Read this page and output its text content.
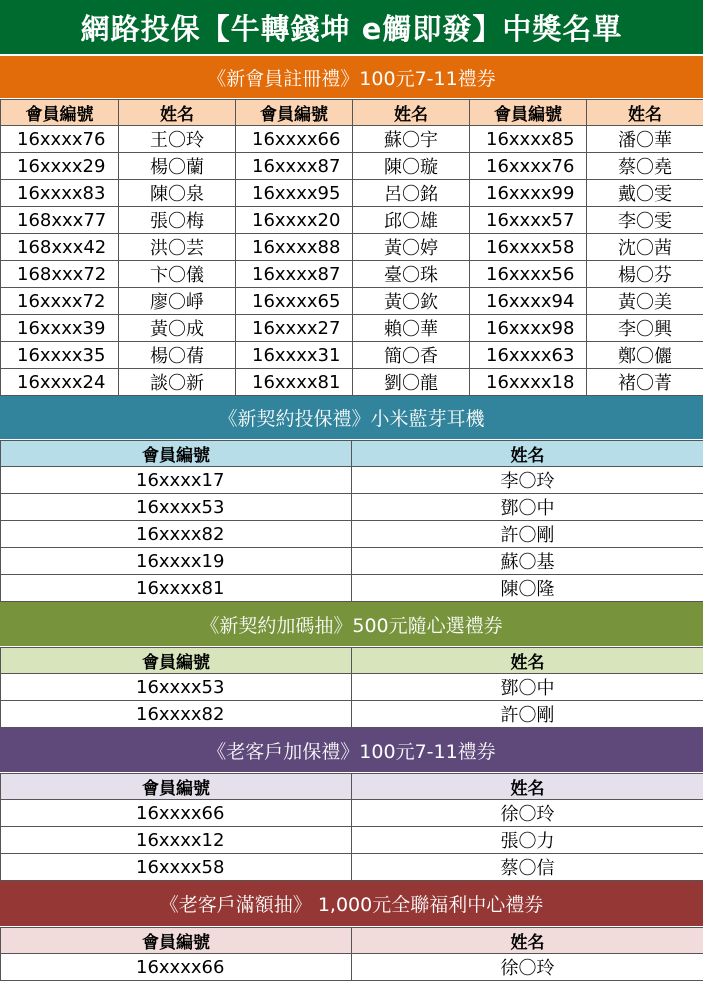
網路投保【牛轉錢坤 e觸即發】中獎名單
《新會員註冊禮》100元7-11禮券
會員編號	姓名	會員編號	姓名	會員編號	姓名
16xxxx76	王〇玲	16xxxx66	蘇〇宇	16xxxx85	潘〇華
16xxxx29	楊〇蘭	16xxxx87	陳〇璇	16xxxx76	蔡〇堯
16xxxx83	陳〇泉	16xxxx95	呂〇銘	16xxxx99	戴〇雯
168xxx77	張〇梅	16xxxx20	邱〇雄	16xxxx57	李〇雯
168xxx42	洪〇芸	16xxxx88	黃〇婷	16xxxx58	沈〇茜
168xxx72	卞〇儀	16xxxx87	臺〇珠	16xxxx56	楊〇芬
16xxxx72	廖〇崢	16xxxx65	黃〇欽	16xxxx94	黃〇美
16xxxx39	黃〇成	16xxxx27	賴〇華	16xxxx98	李〇興
16xxxx35	楊〇蒨	16xxxx31	簡〇香	16xxxx63	鄭〇儷
16xxxx24	談〇新	16xxxx81	劉〇龍	16xxxx18	褚〇菁
《新契約投保禮》小米藍芽耳機
會員編號	姓名
16xxxx17	李〇玲
16xxxx53	鄧〇中
16xxxx82	許〇剛
16xxxx19	蘇〇基
16xxxx81	陳〇隆
《新契約加碼抽》500元隨心選禮券
會員編號	姓名
16xxxx53	鄧〇中
16xxxx82	許〇剛
《老客戶加保禮》100元7-11禮券
會員編號	姓名
16xxxx66	徐〇玲
16xxxx12	張〇力
16xxxx58	蔡〇信
《老客戶滿額抽》 1,000元全聯福利中心禮券
會員編號	姓名
16xxxx66	徐〇玲
